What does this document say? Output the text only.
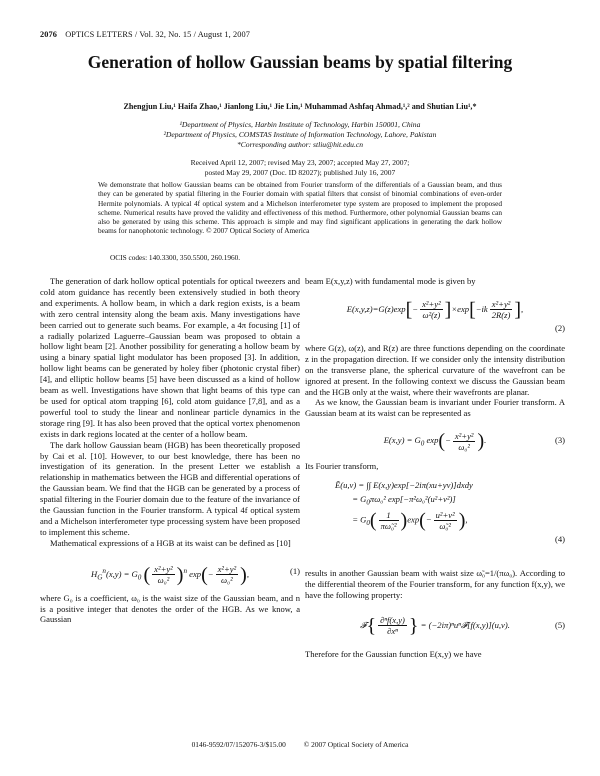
2076 OPTICS LETTERS / Vol. 32, No. 15 / August 1, 2007
Generation of hollow Gaussian beams by spatial filtering
Zhengjun Liu,¹ Haifa Zhao,¹ Jianlong Liu,¹ Jie Lin,¹ Muhammad Ashfaq Ahmad,¹,² and Shutian Liu¹,*
¹Department of Physics, Harbin Institute of Technology, Harbin 150001, China
²Department of Physics, COMSTAS Institute of Information Technology, Lahore, Pakistan
*Corresponding author: stliu@hit.edu.cn
Received April 12, 2007; revised May 23, 2007; accepted May 27, 2007;
posted May 29, 2007 (Doc. ID 82027); published July 16, 2007
We demonstrate that hollow Gaussian beams can be obtained from Fourier transform of the differentials of a Gaussian beam, and thus they can be generated by spatial filtering in the Fourier domain with spatial filters that consist of binomial combinations of even-order Hermite polynomials. A typical 4f optical system and a Michelson interferometer type system are proposed to implement the proposed scheme. Numerical results have proved the validity and effectiveness of this method. Furthermore, other polynomial Gaussian beams can also be generated by using this scheme. This approach is simple and may find significant applications in generating the dark hollow beams for nanophotonic technology. © 2007 Optical Society of America
OCIS codes: 140.3300, 350.5500, 260.1960.

The generation of dark hollow optical potentials for optical tweezers and cold atom guidance has recently been extensively studied in both theory and experiments. A hollow beam, in which a dark region exists, is a beam with zero central intensity along the beam axis. Many investigations have been carried out to generate such beams. For example, a 4π focusing [1] of a radially polarized Laguerre–Gaussian beam was proposed to obtain a hollow light beam [2]. Another possibility for generating a hollow beam by using a binary spatial light modulator has been proposed [3]. In addition, hollow light beams can be generated by holey fiber (photonic crystal fiber) [4], and elliptic hollow beams [5] have been discussed as a kind of hollow beam as well. Investigations have shown that light beams of this type can be used for optical atom trapping [6], cold atom guidance [7,8], and as a powerful tool to study the linear and nonlinear particle dynamics in the storage ring [9]. It has also been proved that the optical vortex phenomenon exists in dark regions located at the center of a hollow beam.

The dark hollow Gaussian beam (HGB) has been theoretically proposed by Cai et al. [10]. However, to our best knowledge, there has been no investigation of its generation. In the present Letter we establish a relationship in mathematics between the HGB and differential operations of the Gaussian beam. We find that the HGB can be generated by a process of spatial filtering in the Fourier domain due to the feature of the invariance of the Gaussian function in the Fourier transform. A typical 4f optical system and a Michelson interferometer type processing system have been proposed to implement this scheme.

Mathematical expressions of a HGB at its waist can be defined as [10]

$H_G^n(x,y) = G_0$ ( $\frac{\text{x²+y²}}{\text{ω₀²}} )^n$ $\exp(- \frac{\text{x²+y²}}{\text{ω₀²}}$ ),	(1)

where G₀ is a coefficient, ω₀ is the waist size of the Gaussian beam, and n is a positive integer that denotes the order of the HGB. As we know, a Gaussian

beam E(x,y,z) with fundamental mode is given by

$E(x,y,z)=G(z)\exp[- \frac{\text{x²+y²}}{\text{ω²(z)}} ]\times\exp[-ik \frac{\text{x²+y²}}{2R(z)}$ ],
(2)

where G(z), ω(z), and R(z) are three functions depending on the coordinate z in the propagation direction. If we consider only the intensity distribution on the transverse plane, the spherical curvature of the wavefront can be ignored at present. In the following context we discuss the Gaussian beam and the HGB only at the waist, where their wavefronts are planar.

As we know, the Gaussian beam is invariant under Fourier transform. A Gaussian beam at its waist can be represented as

$E(x,y) = G_0$ $\exp(- \frac{\text{x²+y²}}{\text{ω₀²}}$ ).	(3)

Its Fourier transform,

Ẽ(u,v) = ∫∫ E(x,y)exp[−2iπ(xu+yv)]dxdy
= $G_0\pi\omega_0^2$ exp[−π²ω₀²(u²+v²)]
= $G_0( \frac{1}{\text{πω̃₀²}} )\exp(- \frac{\text{u²+v²}}{\text{ω̃₀²}}$ ),
(4)

results in another Gaussian beam with waist size ω̃₀=1/(πω₀). According to the differential theorem of the Fourier transform, for any function f(x,y), we have the following property:

𝓕{ $\frac{\text{∂ⁿf(x,y)}}{\text{∂xⁿ}}$ } = (−2iπ)ⁿuⁿ𝓕[f(x,y)](u,v).	(5)

Therefore for the Gaussian function E(x,y) we have

0146-9592/07/152076-3/$15.00 © 2007 Optical Society of America
